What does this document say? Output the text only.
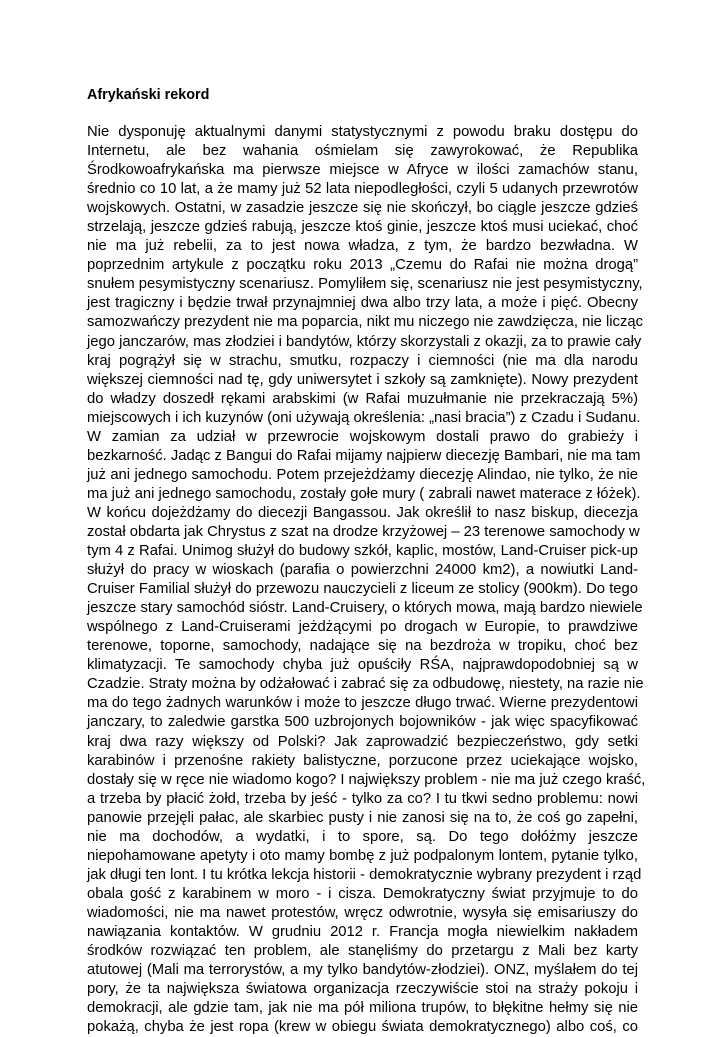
Afrykański rekord
Nie dysponuję aktualnymi danymi statystycznymi z powodu braku dostępu do
Internetu, ale bez wahania ośmielam się zawyrokować, że Republika
Środkowoafrykańska ma pierwsze miejsce w Afryce w ilości zamachów stanu,
średnio co 10 lat, a że mamy już 52 lata niepodległości, czyli 5 udanych przewrotów
wojskowych. Ostatni, w zasadzie jeszcze się nie skończył, bo ciągle jeszcze gdzieś
strzelają, jeszcze gdzieś rabują, jeszcze ktoś ginie, jeszcze ktoś musi uciekać, choć
nie ma już rebelii, za to jest nowa władza, z tym, że bardzo bezwładna. W
poprzednim artykule z początku roku 2013 „Czemu do Rafai nie można drogą”
snułem pesymistyczny scenariusz. Pomyliłem się, scenariusz nie jest pesymistyczny,
jest tragiczny i będzie trwał przynajmniej dwa albo trzy lata, a może i pięć. Obecny
samozwańczy prezydent nie ma poparcia, nikt mu niczego nie zawdzięcza, nie licząc
jego janczarów, mas złodziei i bandytów, którzy skorzystali z okazji, za to prawie cały
kraj pogrążył się w strachu, smutku, rozpaczy i ciemności (nie ma dla narodu
większej ciemności nad tę, gdy uniwersytet i szkoły są zamknięte). Nowy prezydent
do władzy doszedł rękami arabskimi (w Rafai muzułmanie nie przekraczają 5%)
miejscowych i ich kuzynów (oni używają określenia: „nasi bracia”) z Czadu i Sudanu.
W zamian za udział w przewrocie wojskowym dostali prawo do grabieży i
bezkarność. Jadąc z Bangui do Rafai mijamy najpierw diecezję Bambari, nie ma tam
już ani jednego samochodu. Potem przejeżdżamy diecezję Alindao, nie tylko, że nie
ma już ani jednego samochodu, zostały gołe mury ( zabrali nawet materace z łóżek).
W końcu dojeżdżamy do diecezji Bangassou. Jak określił to nasz biskup, diecezja
został obdarta jak Chrystus z szat na drodze krzyżowej – 23 terenowe samochody w
tym 4 z Rafai. Unimog służył do budowy szkół, kaplic, mostów, Land-Cruiser pick-up
służył do pracy w wioskach (parafia o powierzchni 24000 km2), a nowiutki Land-
Cruiser Familial służył do przewozu nauczycieli z liceum ze stolicy (900km). Do tego
jeszcze stary samochód sióstr. Land-Cruisery, o których mowa, mają bardzo niewiele
wspólnego z Land-Cruiserami jeżdżącymi po drogach w Europie, to prawdziwe
terenowe, toporne, samochody, nadające się na bezdroża w tropiku, choć bez
klimatyzacji. Te samochody chyba już opuściły RŚA, najprawdopodobniej są w
Czadzie. Straty można by odżałować i zabrać się za odbudowę, niestety, na razie nie
ma do tego żadnych warunków i może to jeszcze długo trwać. Wierne prezydentowi
janczary, to zaledwie garstka 500 uzbrojonych bojowników - jak więc spacyfikować
kraj dwa razy większy od Polski? Jak zaprowadzić bezpieczeństwo, gdy setki
karabinów i przenośne rakiety balistyczne, porzucone przez uciekające wojsko,
dostały się w ręce nie wiadomo kogo? I największy problem - nie ma już czego kraść,
a trzeba by płacić żołd, trzeba by jeść - tylko za co? I tu tkwi sedno problemu: nowi
panowie przejęli pałac, ale skarbiec pusty i nie zanosi się na to, że coś go zapełni,
nie ma dochodów, a wydatki, i to spore, są. Do tego dołóżmy jeszcze
niepohamowane apetyty i oto mamy bombę z już podpalonym lontem, pytanie tylko,
jak długi ten lont. I tu krótka lekcja historii - demokratycznie wybrany prezydent i rząd
obala gość z karabinem w moro - i cisza. Demokratyczny świat przyjmuje to do
wiadomości, nie ma nawet protestów, wręcz odwrotnie, wysyła się emisariuszy do
nawiązania kontaktów. W grudniu 2012 r. Francja mogła niewielkim nakładem
środków rozwiązać ten problem, ale stanęliśmy do przetargu z Mali bez karty
atutowej (Mali ma terrorystów, a my tylko bandytów-złodziei). ONZ, myślałem do tej
pory, że ta największa światowa organizacja rzeczywiście stoi na straży pokoju i
demokracji, ale gdzie tam, jak nie ma pół miliona trupów, to błękitne hełmy się nie
pokażą, chyba że jest ropa (krew w obiegu świata demokratycznego) albo coś, co
